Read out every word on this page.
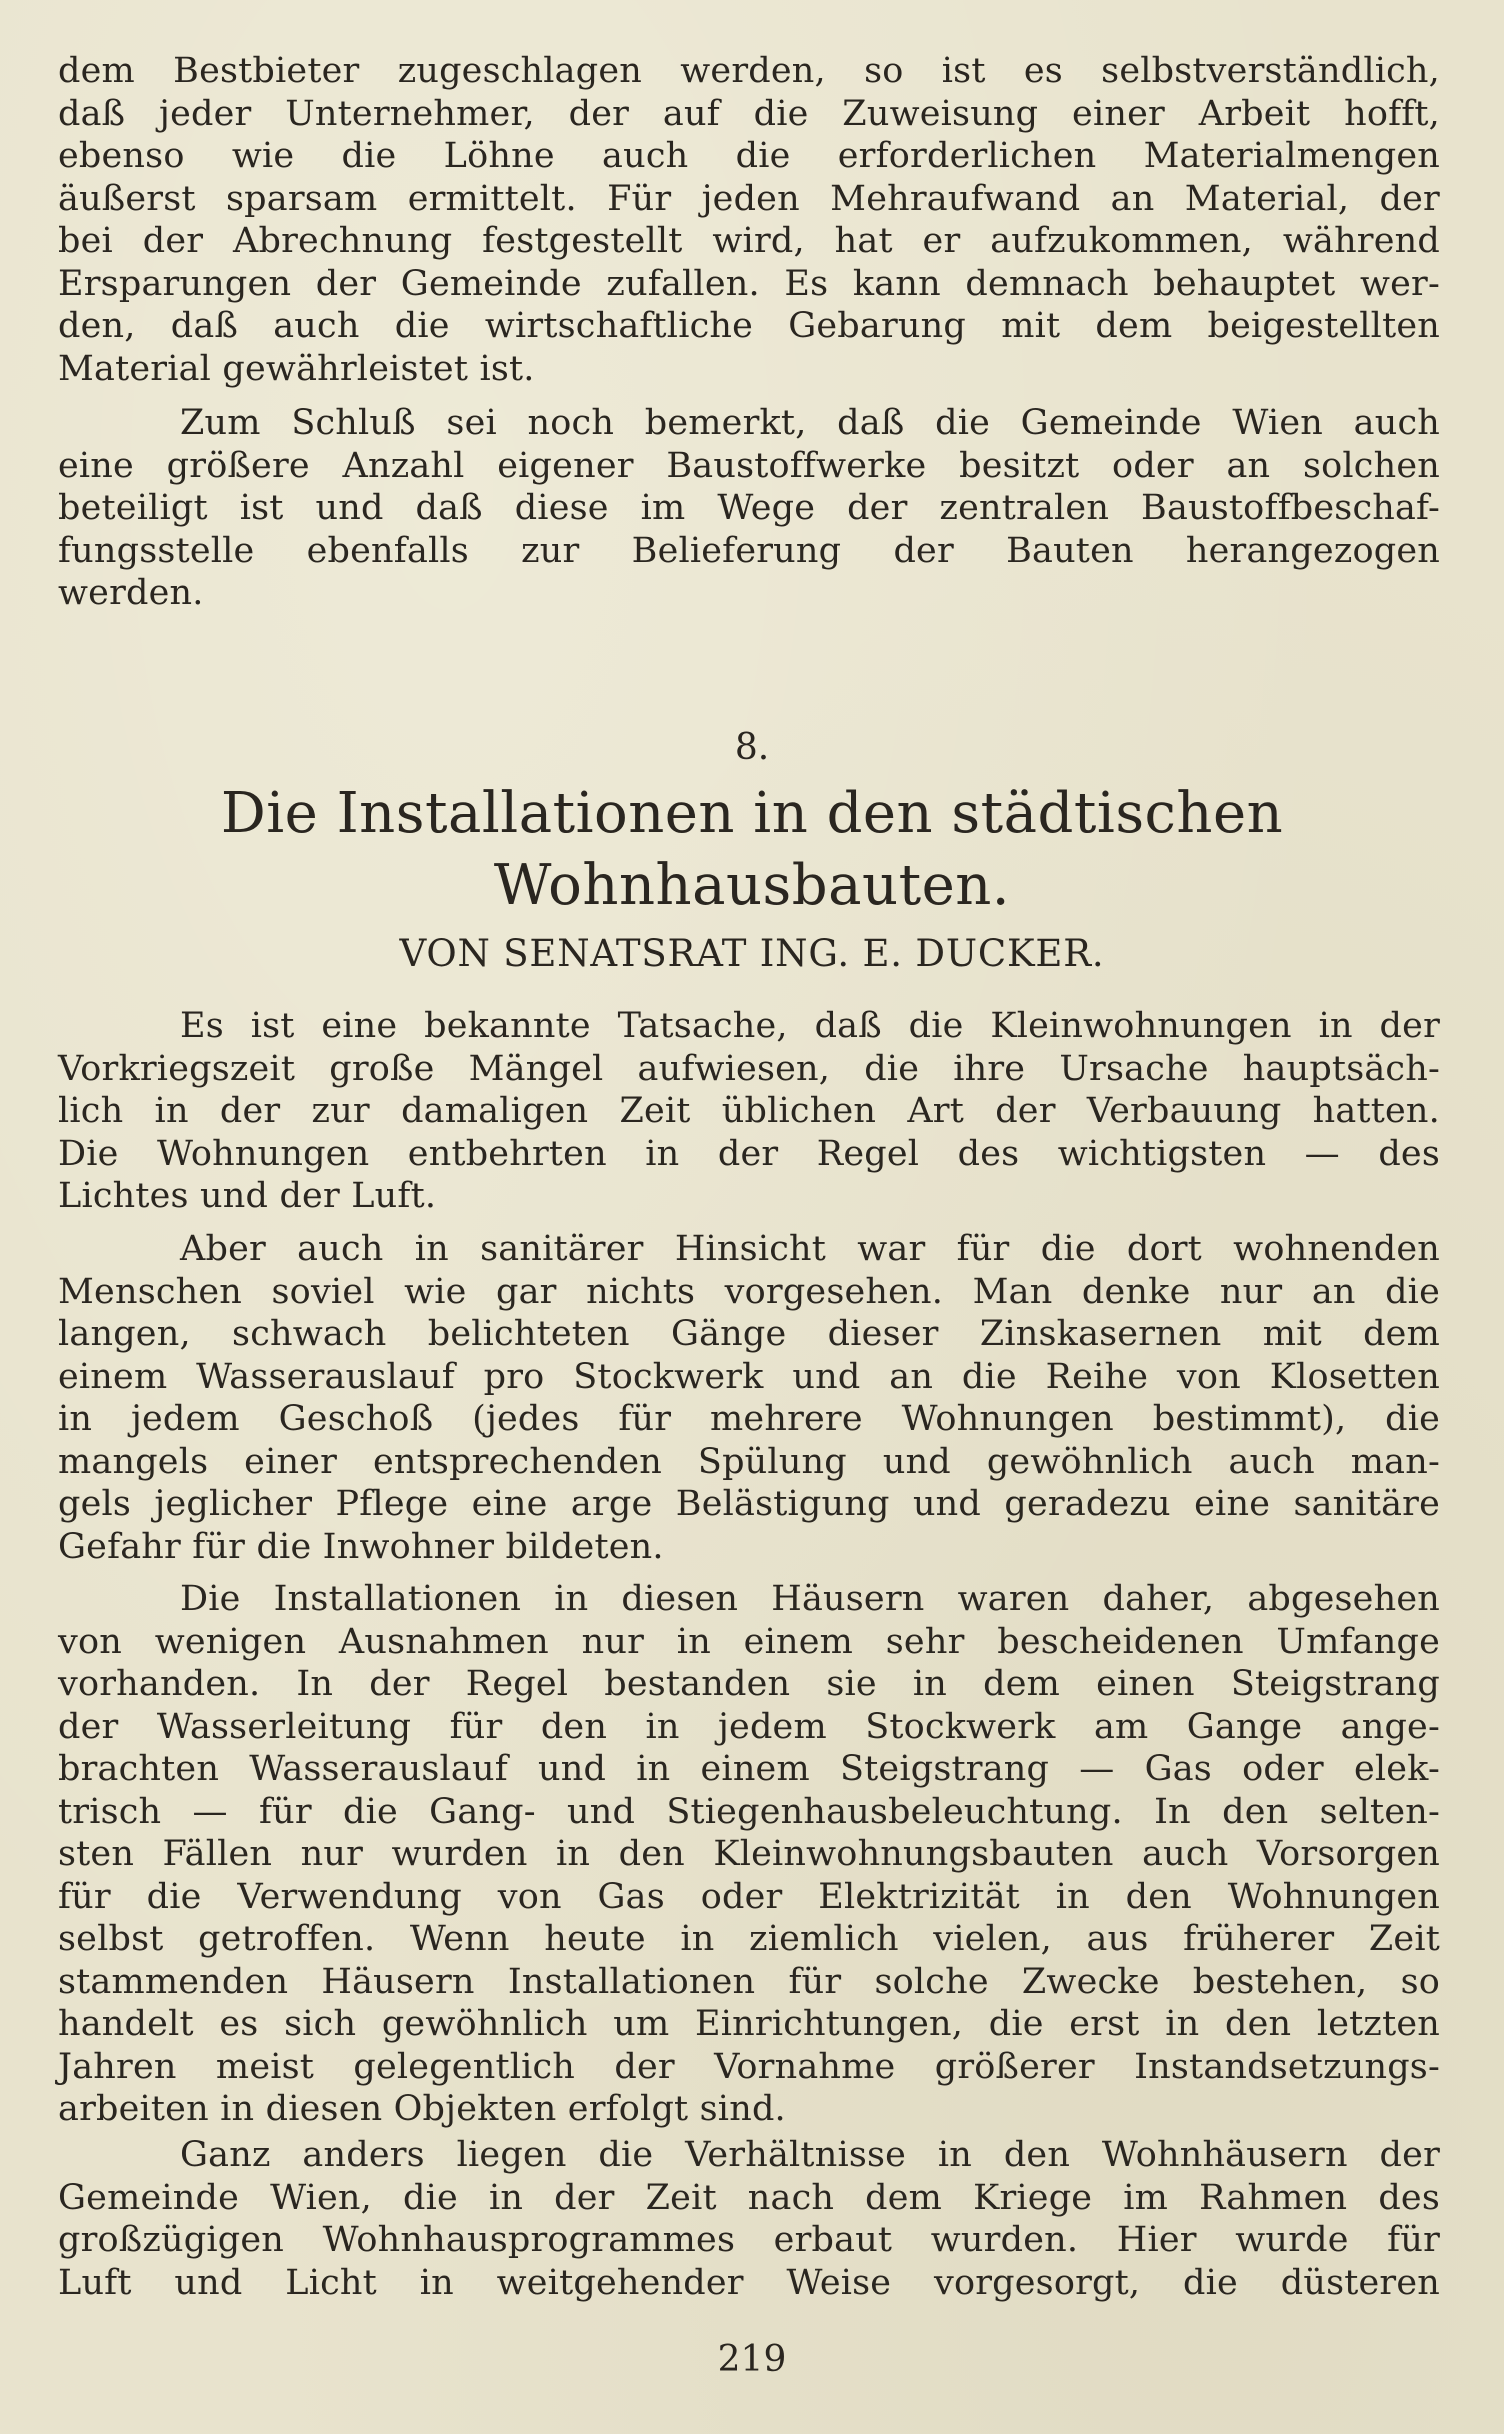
dem Bestbieter zugeschlagen werden, so ist es selbstverständlich,
daß jeder Unternehmer, der auf die Zuweisung einer Arbeit hofft,
ebenso wie die Löhne auch die erforderlichen Materialmengen
äußerst sparsam ermittelt. Für jeden Mehraufwand an Material, der
bei der Abrechnung festgestellt wird, hat er aufzukommen, während
Ersparungen der Gemeinde zufallen. Es kann demnach behauptet wer-
den, daß auch die wirtschaftliche Gebarung mit dem beigestellten
Material gewährleistet ist.
Zum Schluß sei noch bemerkt, daß die Gemeinde Wien auch
eine größere Anzahl eigener Baustoffwerke besitzt oder an solchen
beteiligt ist und daß diese im Wege der zentralen Baustoffbeschaf-
fungsstelle ebenfalls zur Belieferung der Bauten herangezogen
werden.
8.
Die Installationen in den städtischen
Wohnhausbauten.
VON SENATSRAT ING. E. DUCKER.
Es ist eine bekannte Tatsache, daß die Kleinwohnungen in der
Vorkriegszeit große Mängel aufwiesen, die ihre Ursache hauptsäch-
lich in der zur damaligen Zeit üblichen Art der Verbauung hatten.
Die Wohnungen entbehrten in der Regel des wichtigsten — des
Lichtes und der Luft.
Aber auch in sanitärer Hinsicht war für die dort wohnenden
Menschen soviel wie gar nichts vorgesehen. Man denke nur an die
langen, schwach belichteten Gänge dieser Zinskasernen mit dem
einem Wasserauslauf pro Stockwerk und an die Reihe von Klosetten
in jedem Geschoß (jedes für mehrere Wohnungen bestimmt), die
mangels einer entsprechenden Spülung und gewöhnlich auch man-
gels jeglicher Pflege eine arge Belästigung und geradezu eine sanitäre
Gefahr für die Inwohner bildeten.
Die Installationen in diesen Häusern waren daher, abgesehen
von wenigen Ausnahmen nur in einem sehr bescheidenen Umfange
vorhanden. In der Regel bestanden sie in dem einen Steigstrang
der Wasserleitung für den in jedem Stockwerk am Gange ange-
brachten Wasserauslauf und in einem Steigstrang — Gas oder elek-
trisch — für die Gang- und Stiegenhausbeleuchtung. In den selten-
sten Fällen nur wurden in den Kleinwohnungsbauten auch Vorsorgen
für die Verwendung von Gas oder Elektrizität in den Wohnungen
selbst getroffen. Wenn heute in ziemlich vielen, aus früherer Zeit
stammenden Häusern Installationen für solche Zwecke bestehen, so
handelt es sich gewöhnlich um Einrichtungen, die erst in den letzten
Jahren meist gelegentlich der Vornahme größerer Instandsetzungs-
arbeiten in diesen Objekten erfolgt sind.
Ganz anders liegen die Verhältnisse in den Wohnhäusern der
Gemeinde Wien, die in der Zeit nach dem Kriege im Rahmen des
großzügigen Wohnhausprogrammes erbaut wurden. Hier wurde für
Luft und Licht in weitgehender Weise vorgesorgt, die düsteren
219
